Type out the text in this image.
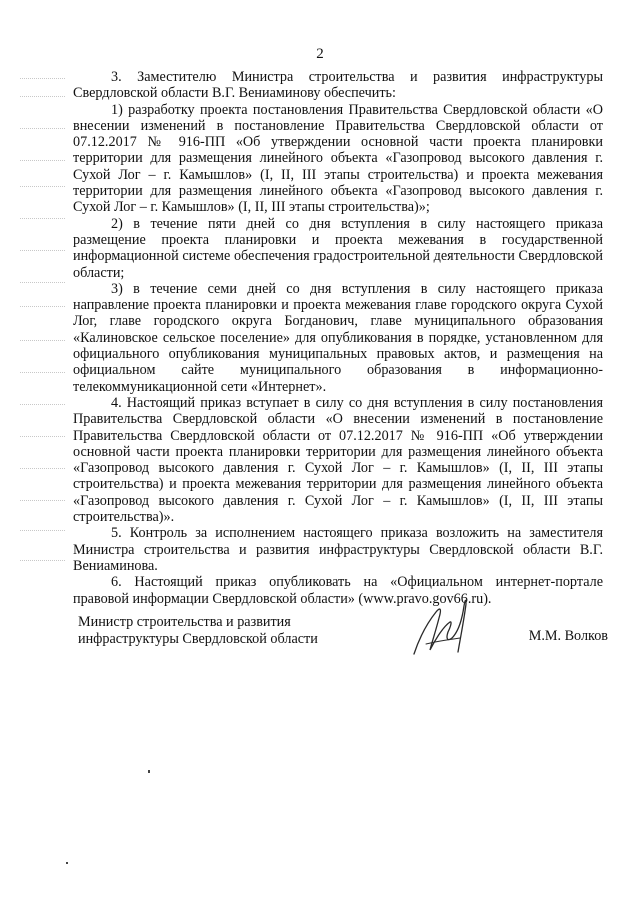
2

3. Заместителю Министра строительства и развития инфраструктуры Свердловской области В.Г. Вениаминову обеспечить:

1) разработку проекта постановления Правительства Свердловской области «О внесении изменений в постановление Правительства Свердловской области от 07.12.2017 № 916-ПП «Об утверждении основной части проекта планировки территории для размещения линейного объекта «Газопровод высокого давления г. Сухой Лог – г. Камышлов» (I, II, III этапы строительства) и проекта межевания территории для размещения линейного объекта «Газопровод высокого давления г. Сухой Лог – г. Камышлов» (I, II, III этапы строительства)»;

2) в течение пяти дней со дня вступления в силу настоящего приказа размещение проекта планировки и проекта межевания в государственной информационной системе обеспечения градостроительной деятельности Свердловской области;

3) в течение семи дней со дня вступления в силу настоящего приказа направление проекта планировки и проекта межевания главе городского округа Сухой Лог, главе городского округа Богданович, главе муниципального образования «Калиновское сельское поселение» для опубликования в порядке, установленном для официального опубликования муниципальных правовых актов, и размещения на официальном сайте муниципального образования в информационно-телекоммуникационной сети «Интернет».

4. Настоящий приказ вступает в силу со дня вступления в силу постановления Правительства Свердловской области «О внесении изменений в постановление Правительства Свердловской области от 07.12.2017 № 916-ПП «Об утверждении основной части проекта планировки территории для размещения линейного объекта «Газопровод высокого давления г. Сухой Лог – г. Камышлов» (I, II, III этапы строительства) и проекта межевания территории для размещения линейного объекта «Газопровод высокого давления г. Сухой Лог – г. Камышлов» (I, II, III этапы строительства)».

5. Контроль за исполнением настоящего приказа возложить на заместителя Министра строительства и развития инфраструктуры Свердловской области В.Г. Вениаминова.

6. Настоящий приказ опубликовать на «Официальном интернет-портале правовой информации Свердловской области» (www.pravo.gov66.ru).

Министр строительства и развития инфраструктуры Свердловской области	М.М. Волков
